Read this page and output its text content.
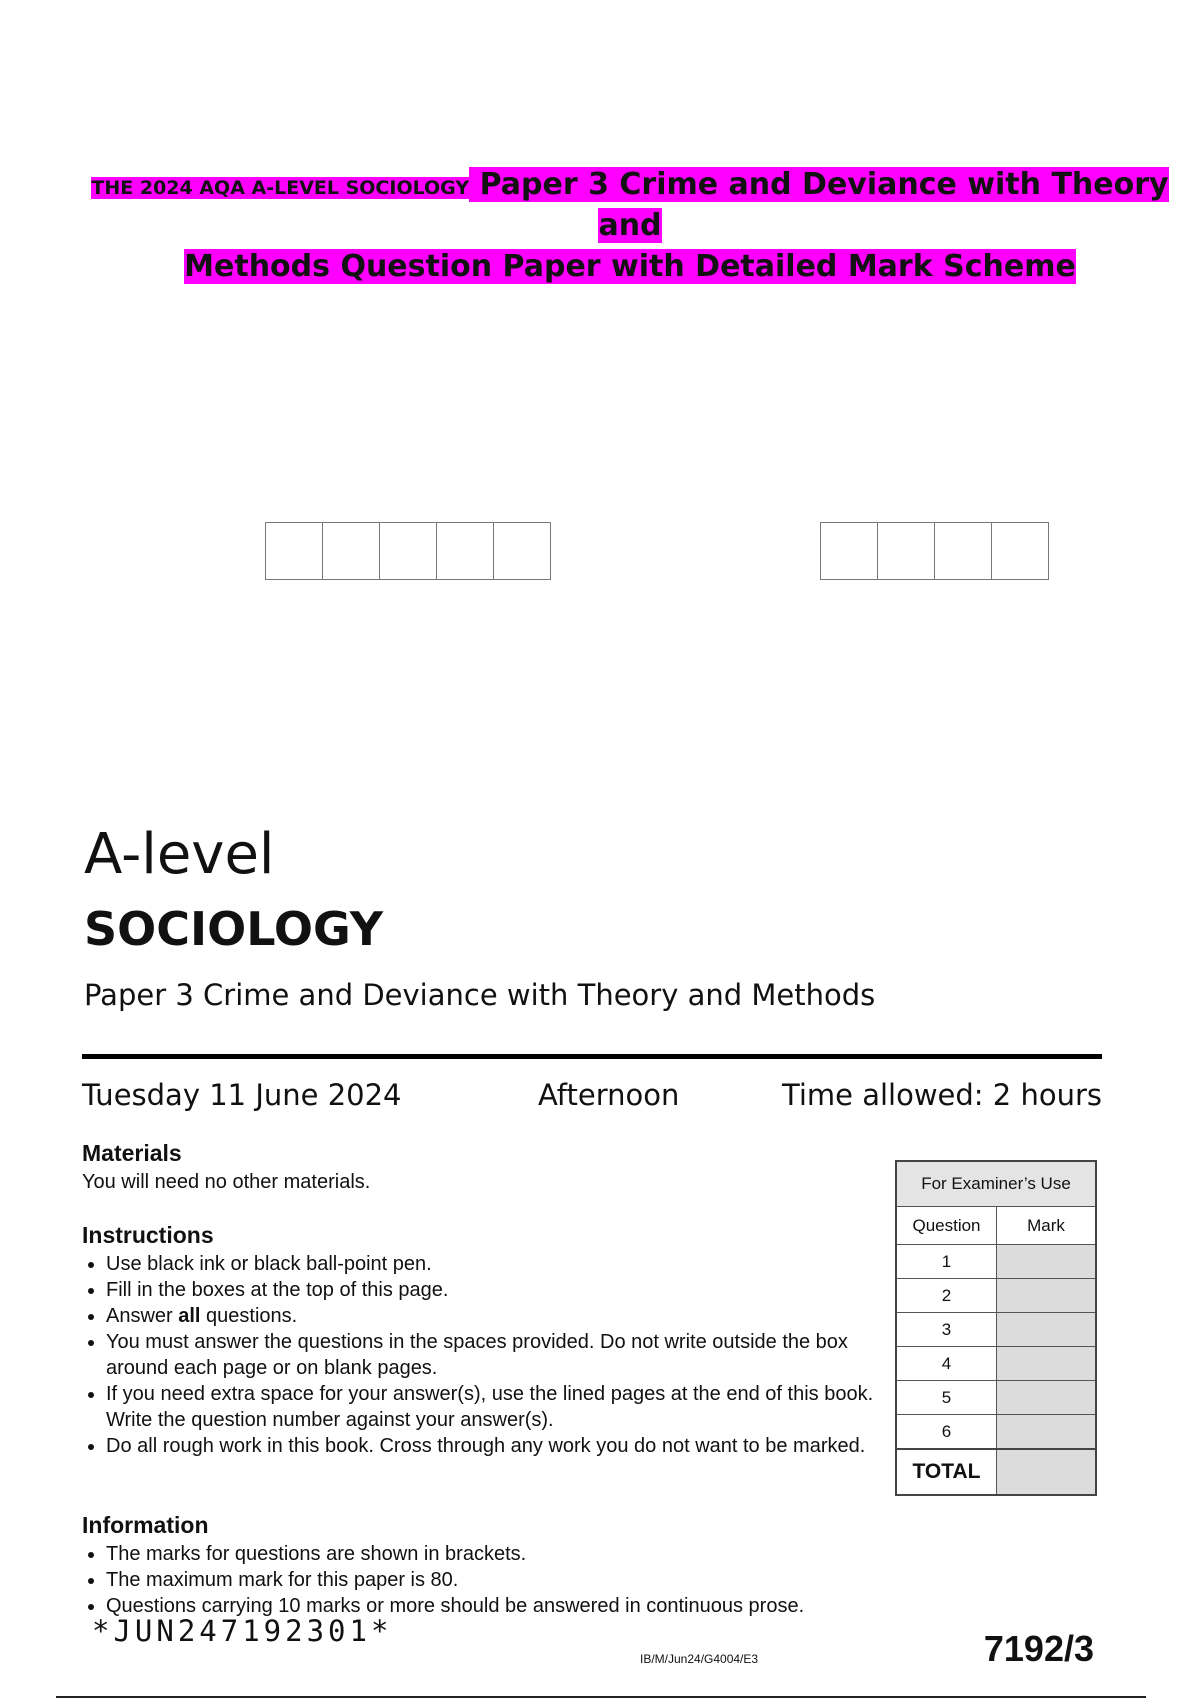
THE 2024 AQA A-LEVEL SOCIOLOGY Paper 3 Crime and Deviance with Theory and
Methods Question Paper with Detailed Mark Scheme
A-level
SOCIOLOGY
Paper 3 Crime and Deviance with Theory and Methods
Tuesday 11 June 2024	Afternoon	Time allowed: 2 hours
Materials

You will need no other materials.

Instructions
• Use black ink or black ball-point pen.
• Fill in the boxes at the top of this page.
• Answer all questions.
• You must answer the questions in the spaces provided. Do not write outside the box around each page or on blank pages.
• If you need extra space for your answer(s), use the lined pages at the end of this book. Write the question number against your answer(s).
• Do all rough work in this book. Cross through any work you do not want to be marked.
Information
• The marks for questions are shown in brackets.
• The maximum mark for this paper is 80.
• Questions carrying 10 marks or more should be answered in continuous prose.
For Examiner’s Use	
Question	Mark
1	
2	
3	
4	
5	
6	
TOTAL	
*JUN247192301*
IB/M/Jun24/G4004/E3	7192/3
